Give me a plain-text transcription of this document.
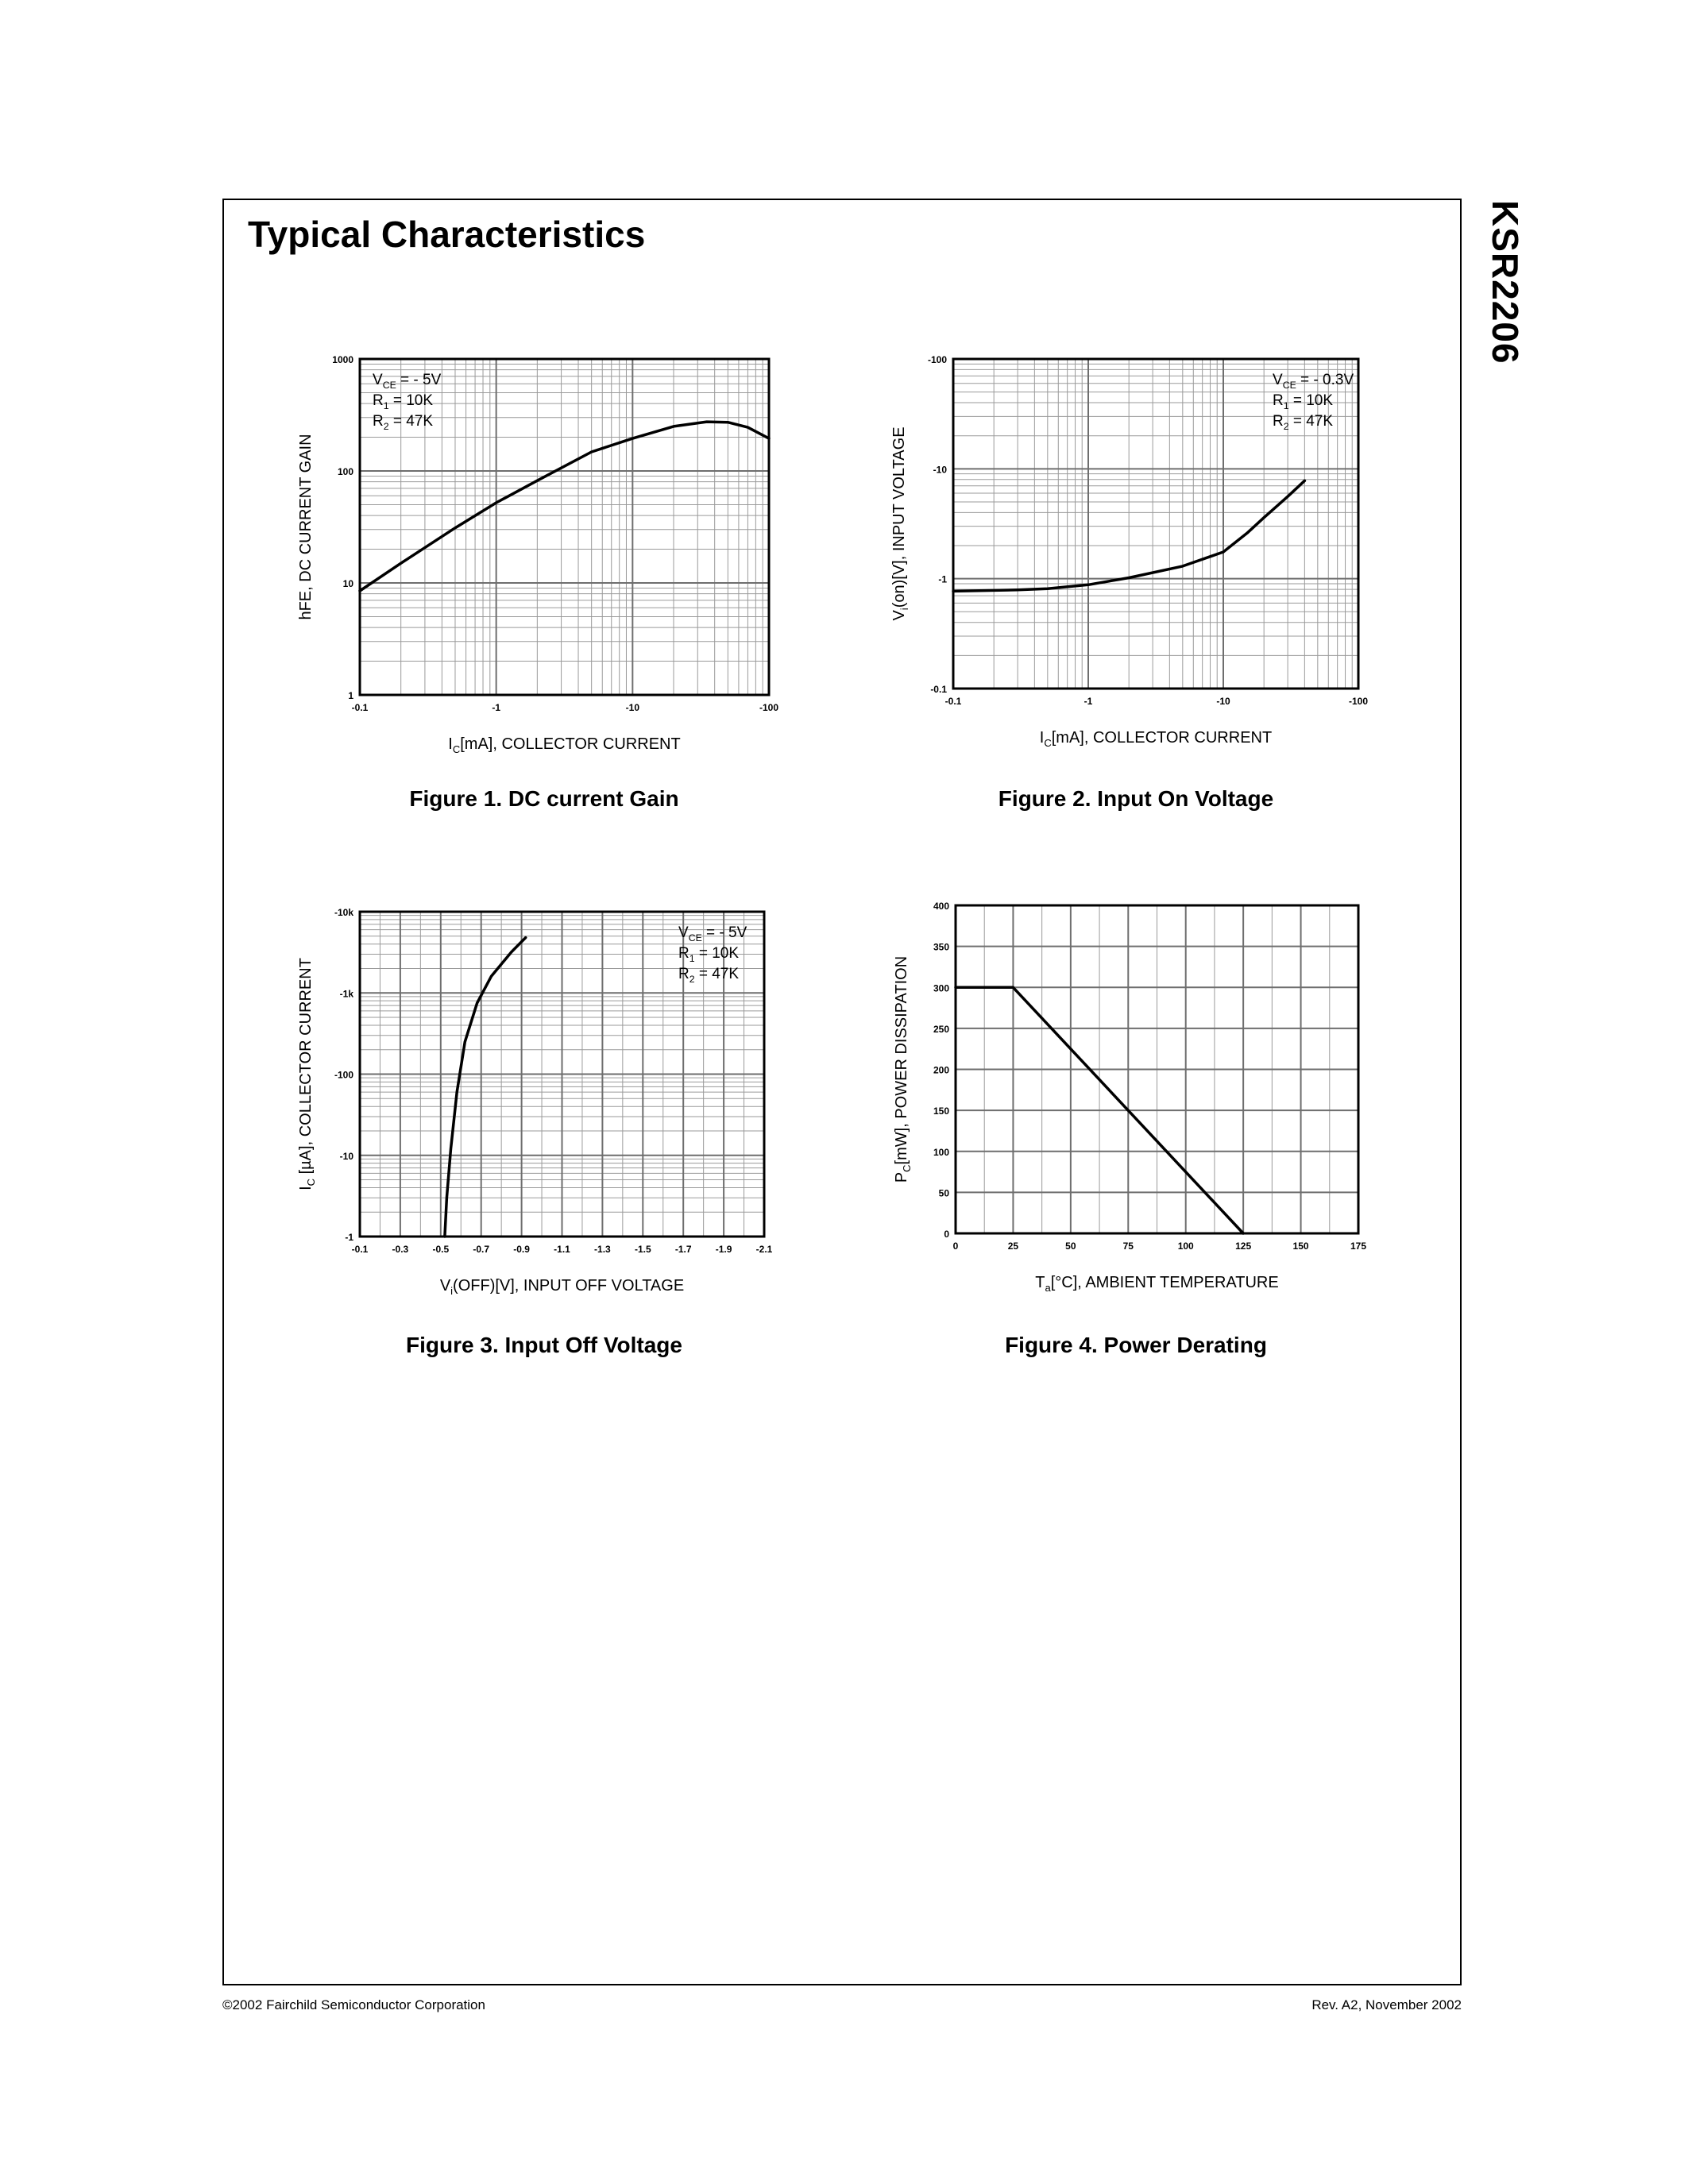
Typical Characteristics	KSR2206
-0.1	-1	-10	-100
1
10
100
1000
$I_C[mA]$, COLLECTOR CURRENT
hFE, DC CURRENT GAIN
$V_{CE}$ = - 5V
$R_1 = 10K$
$R_2 = 47K$
-0.1	-1	-10	-100
-0.1
-1
-10
-100
$I_C[mA]$, COLLECTOR CURRENT
$V_i(on)[V]$, INPUT VOLTAGE
$V_{CE}$ = - 0.3V
$R_1 = 10K$
$R_2 = 47K$
-0.1	-0.3	-0.5	-0.7	-0.9	-1.1	-1.3	-1.5	-1.7	-1.9	-2.1
-1
-10
-100
-1k
-10k
$V_i(OFF)[V]$, INPUT OFF VOLTAGE
$I_C$ [µA], COLLECTOR CURRENT
$V_{CE}$ = - 5V
$R_1 = 10K$
$R_2 = 47K$
0	25	50	75	100	125	150	175
0
50
100
150
200
250
300
350
400
$T_a[^\circ C]$, AMBIENT TEMPERATURE
$P_C[mW]$, POWER DISSIPATION
Figure 1. DC current Gain	Figure 2. Input On Voltage
Figure 3. Input Off Voltage	Figure 4. Power Derating
©2002 Fairchild Semiconductor Corporation	Rev. A2, November 2002
